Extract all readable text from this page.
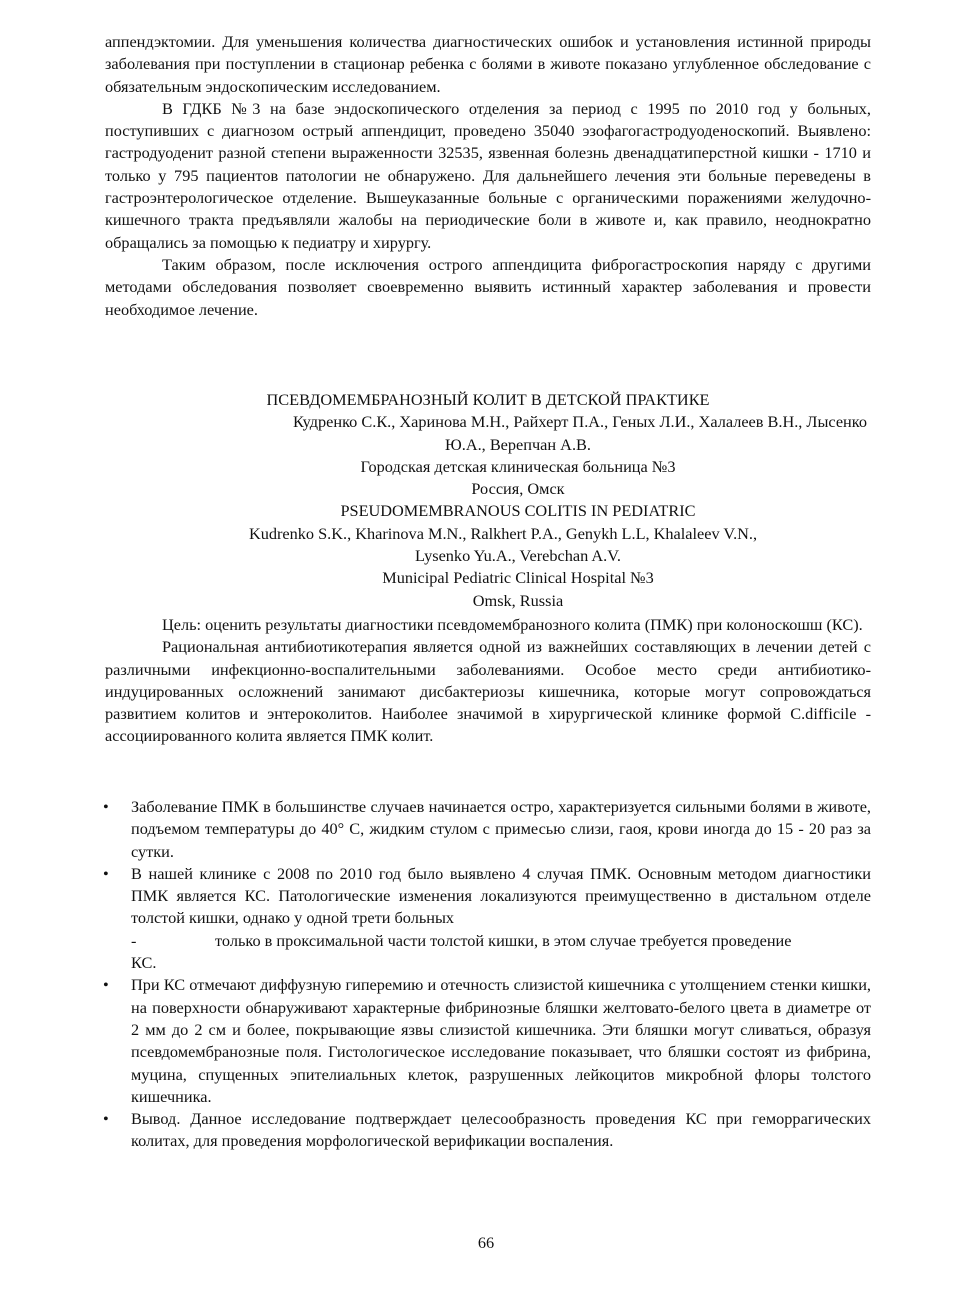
аппендэктомии. Для уменьшения количества диагностических ошибок и установления истинной природы заболевания при поступлении в стационар ребенка с болями в животе показано углубленное обследование с обязательным эндоскопическим исследованием.

В ГДКБ №3 на базе эндоскопического отделения за период с 1995 по 2010 год у больных, поступивших с диагнозом острый аппендицит, проведено 35040 эзофагогастродуоденоскопий. Выявлено: гастродуоденит разной степени выраженности 32535, язвенная болезнь двенадцатиперстной кишки - 1710 и только у 795 пациентов патологии не обнаружено. Для дальнейшего лечения эти больные переведены в гастроэнтерологическое отделение. Вышеуказанные больные с органическими поражениями желудочно-кишечного тракта предъявляли жалобы на периодические боли в животе и, как правило, неоднократно обращались за помощью к педиатру и хирургу.

Таким образом, после исключения острого аппендицита фиброгастроскопия наряду с другими методами обследования позволяет своевременно выявить истинный характер заболевания и провести необходимое лечение.

ПСЕВДОМЕМБРАНОЗНЫЙ КОЛИТ В ДЕТСКОЙ ПРАКТИКЕ

Кудренко С.К., Харинова М.Н., Райхерт П.А., Геных Л.И., Халалеев В.Н., Лысенко

Ю.А., Верепчан А.В.

Городская детская клиническая больница №3

Россия, Омск

PSEUDOMEMBRANOUS COLITIS IN PEDIATRIC

Kudrenko S.K., Kharinova M.N., Ralkhert P.A., Genykh L.L, Khalaleev V.N.,

Lysenko Yu.A., Verebchan A.V.

Municipal Pediatric Clinical Hospital №3

Omsk, Russia

Цель: оценить результаты диагностики псевдомембранозного колита (ПМК) при колоноскошш (КС).

Рациональная антибиотикотерапия является одной из важнейших составляющих в лечении детей с различными инфекционно-воспалительными заболеваниями. Особое место среди антибиотико-индуцированных осложнений занимают дисбактериозы кишечника, которые могут сопровождаться развитием колитов и энтероколитов. Наиболее значимой в хирургической клинике формой C.difficile - ассоциированного колита является ПМК колит.

• Заболевание ПМК в большинстве случаев начинается остро, характеризуется сильными болями в животе, подъемом температуры до 40° С, жидким стулом с примесью слизи, гаоя, крови иногда до 15 - 20 раз за сутки.
• В нашей клинике с 2008 по 2010 год было выявлено 4 случая ПМК. Основным методом диагностики ПМК является КС. Патологические изменения локализуются преимущественно в дистальном отделе толстой кишки, однако у одной трети больных
-	только в проксимальной части толстой кишки, в этом случае требуется проведение
КС.
• При КС отмечают диффузную гиперемию и отечность слизистой кишечника с утолщением стенки кишки, на поверхности обнаруживают характерные фибринозные бляшки желтовато-белого цвета в диаметре от 2 мм до 2 см и более, покрывающие язвы слизистой кишечника. Эти бляшки могут сливаться, образуя псевдомембранозные поля. Гистологическое исследование показывает, что бляшки состоят из фибрина, муцина, спущенных эпителиальных клеток, разрушенных лейкоцитов микробной флоры толстого кишечника.
• Вывод. Данное исследование подтверждает целесообразность проведения КС при геморрагических колитах, для проведения морфологической верификации воспаления.
66
